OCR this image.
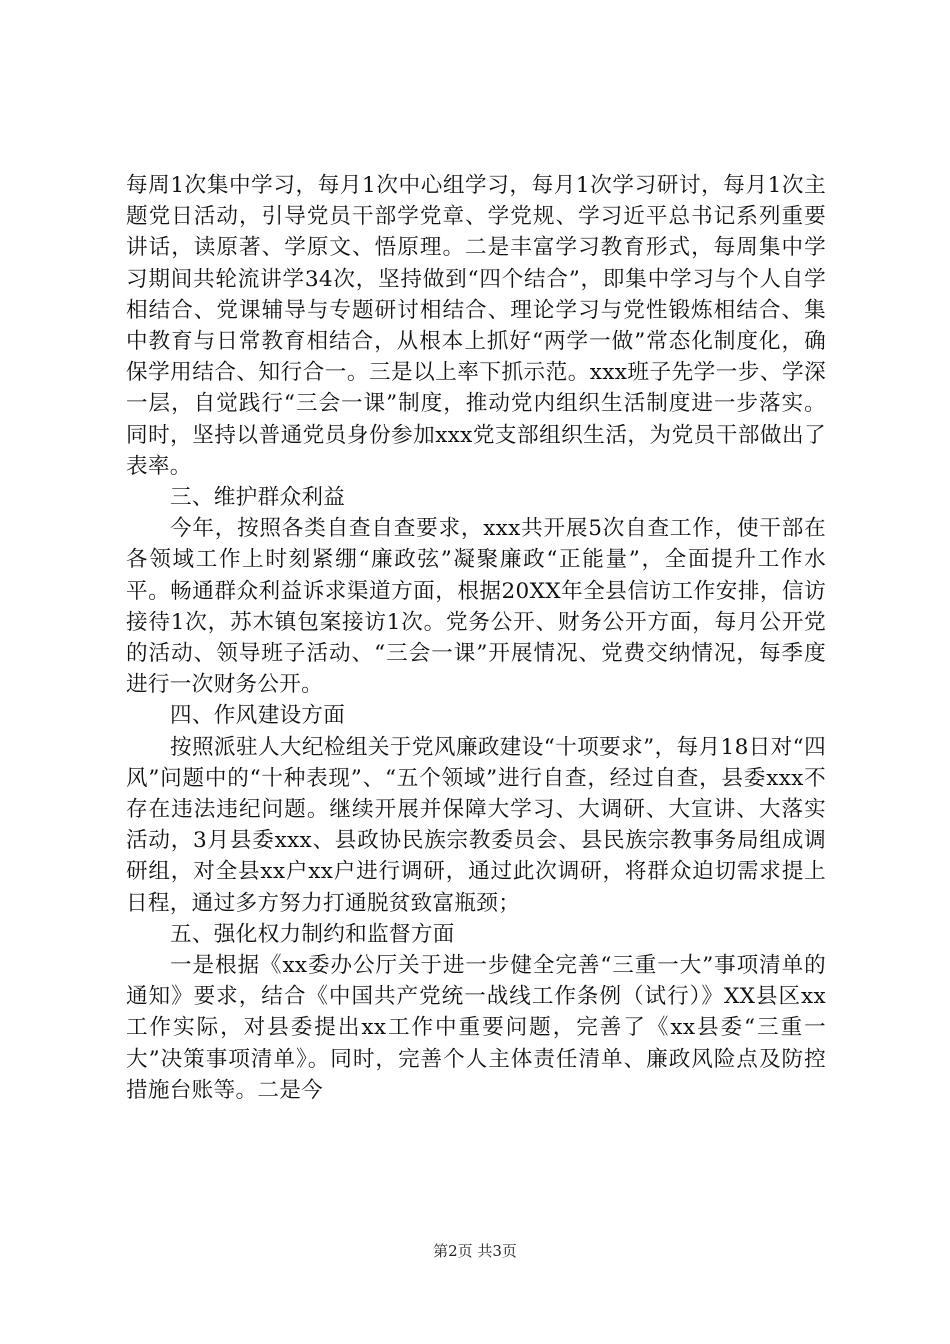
每周1次集中学习，每月1次中心组学习，每月1次学习研讨，每月1次主题党日活动，引导党员干部学党章、学党规、学习近平总书记系列重要讲话，读原著、学原文、悟原理。二是丰富学习教育形式，每周集中学习期间共轮流讲学34次，坚持做到“四个结合”，即集中学习与个人自学相结合、党课辅导与专题研讨相结合、理论学习与党性锻炼相结合、集中教育与日常教育相结合，从根本上抓好“两学一做”常态化制度化，确保学用结合、知行合一。三是以上率下抓示范。xxx班子先学一步、学深一层，自觉践行“三会一课”制度，推动党内组织生活制度进一步落实。同时，坚持以普通党员身份参加xxx党支部组织生活，为党员干部做出了表率。

三、维护群众利益

今年，按照各类自查自查要求，xxx共开展5次自查工作，使干部在各领域工作上时刻紧绷“廉政弦”凝聚廉政“正能量”，全面提升工作水平。畅通群众利益诉求渠道方面，根据20XX年全县信访工作安排，信访接待1次，苏木镇包案接访1次。党务公开、财务公开方面，每月公开党的活动、领导班子活动、“三会一课”开展情况、党费交纳情况，每季度进行一次财务公开。

四、作风建设方面

按照派驻人大纪检组关于党风廉政建设“十项要求”，每月18日对“四风”问题中的“十种表现”、“五个领域”进行自查，经过自查，县委xxx不存在违法违纪问题。继续开展并保障大学习、大调研、大宣讲、大落实活动，3月县委xxx、县政协民族宗教委员会、县民族宗教事务局组成调研组，对全县xx户xx户进行调研，通过此次调研，将群众迫切需求提上日程，通过多方努力打通脱贫致富瓶颈；

五、强化权力制约和监督方面

一是根据《xx委办公厅关于进一步健全完善“三重一大”事项清单的通知》要求，结合《中国共产党统一战线工作条例（试行）》XX县区xx工作实际，对县委提出xx工作中重要问题，完善了《xx县委“三重一大”决策事项清单》。同时，完善个人主体责任清单、廉政风险点及防控措施台账等。二是今

第2页 共3页
